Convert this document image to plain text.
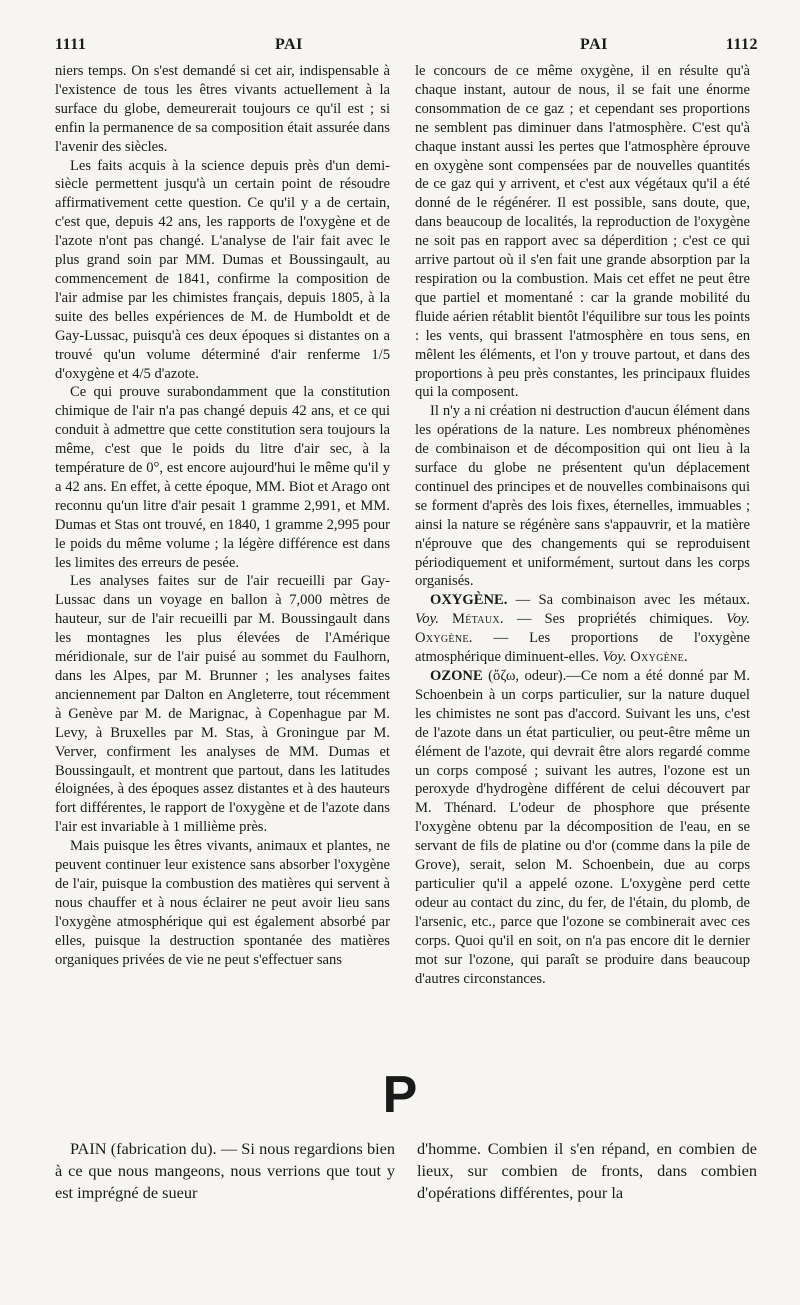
1111	PAI	PAI	1112

niers temps. On s'est demandé si cet air, indispensable à l'existence de tous les êtres vivants actuellement à la surface du globe, demeurerait toujours ce qu'il est ; si enfin la permanence de sa composition était assurée dans l'avenir des siècles.

Les faits acquis à la science depuis près d'un demi-siècle permettent jusqu'à un certain point de résoudre affirmativement cette question. Ce qu'il y a de certain, c'est que, depuis 42 ans, les rapports de l'oxygène et de l'azote n'ont pas changé. L'analyse de l'air fait avec le plus grand soin par MM. Dumas et Boussingault, au commencement de 1841, confirme la composition de l'air admise par les chimistes français, depuis 1805, à la suite des belles expériences de M. de Humboldt et de Gay-Lussac, puisqu'à ces deux époques si distantes on a trouvé qu'un volume déterminé d'air renferme 1/5 d'oxygène et 4/5 d'azote.

Ce qui prouve surabondamment que la constitution chimique de l'air n'a pas changé depuis 42 ans, et ce qui conduit à admettre que cette constitution sera toujours la même, c'est que le poids du litre d'air sec, à la température de 0°, est encore aujourd'hui le même qu'il y a 42 ans. En effet, à cette époque, MM. Biot et Arago ont reconnu qu'un litre d'air pesait 1 gramme 2,991, et MM. Dumas et Stas ont trouvé, en 1840, 1 gramme 2,995 pour le poids du même volume ; la légère différence est dans les limites des erreurs de pesée.

Les analyses faites sur de l'air recueilli par Gay-Lussac dans un voyage en ballon à 7,000 mètres de hauteur, sur de l'air recueilli par M. Boussingault dans les montagnes les plus élevées de l'Amérique méridionale, sur de l'air puisé au sommet du Faulhorn, dans les Alpes, par M. Brunner ; les analyses faites anciennement par Dalton en Angleterre, tout récemment à Genève par M. de Marignac, à Copenhague par M. Levy, à Bruxelles par M. Stas, à Groningue par M. Verver, confirment les analyses de MM. Dumas et Boussingault, et montrent que partout, dans les latitudes éloignées, à des époques assez distantes et à des hauteurs fort différentes, le rapport de l'oxygène et de l'azote dans l'air est invariable à 1 millième près.

Mais puisque les êtres vivants, animaux et plantes, ne peuvent continuer leur existence sans absorber l'oxygène de l'air, puisque la combustion des matières qui servent à nous chauffer et à nous éclairer ne peut avoir lieu sans l'oxygène atmosphérique qui est également absorbé par elles, puisque la destruction spontanée des matières organiques privées de vie ne peut s'effectuer sans

le concours de ce même oxygène, il en résulte qu'à chaque instant, autour de nous, il se fait une énorme consommation de ce gaz ; et cependant ses proportions ne semblent pas diminuer dans l'atmosphère. C'est qu'à chaque instant aussi les pertes que l'atmosphère éprouve en oxygène sont compensées par de nouvelles quantités de ce gaz qui y arrivent, et c'est aux végétaux qu'il a été donné de le régénérer. Il est possible, sans doute, que, dans beaucoup de localités, la reproduction de l'oxygène ne soit pas en rapport avec sa déperdition ; c'est ce qui arrive partout où il s'en fait une grande absorption par la respiration ou la combustion. Mais cet effet ne peut être que partiel et momentané : car la grande mobilité du fluide aérien rétablit bientôt l'équilibre sur tous les points : les vents, qui brassent l'atmosphère en tous sens, en mêlent les éléments, et l'on y trouve partout, et dans des proportions à peu près constantes, les principaux fluides qui la composent.

Il n'y a ni création ni destruction d'aucun élément dans les opérations de la nature. Les nombreux phénomènes de combinaison et de décomposition qui ont lieu à la surface du globe ne présentent qu'un déplacement continuel des principes et de nouvelles combinaisons qui se forment d'après des lois fixes, éternelles, immuables ; ainsi la nature se régénère sans s'appauvrir, et la matière n'éprouve que des changements qui se reproduisent périodiquement et uniformément, surtout dans les corps organisés.

OXYGÈNE. — Sa combinaison avec les métaux. Voy. Métaux. — Ses propriétés chimiques. Voy. Oxygène. — Les proportions de l'oxygène atmosphérique diminuent-elles. Voy. Oxygène.

OZONE (ὄζω, odeur).—Ce nom a été donné par M. Schoenbein à un corps particulier, sur la nature duquel les chimistes ne sont pas d'accord. Suivant les uns, c'est de l'azote dans un état particulier, ou peut-être même un élément de l'azote, qui devrait être alors regardé comme un corps composé ; suivant les autres, l'ozone est un peroxyde d'hydrogène différent de celui découvert par M. Thénard. L'odeur de phosphore que présente l'oxygène obtenu par la décomposition de l'eau, en se servant de fils de platine ou d'or (comme dans la pile de Grove), serait, selon M. Schoenbein, due au corps particulier qu'il a appelé ozone. L'oxygène perd cette odeur au contact du zinc, du fer, de l'étain, du plomb, de l'arsenic, etc., parce que l'ozone se combinerait avec ces corps. Quoi qu'il en soit, on n'a pas encore dit le dernier mot sur l'ozone, qui paraît se produire dans beaucoup d'autres circonstances.

P

PAIN (fabrication du). — Si nous regardions bien à ce que nous mangeons, nous verrions que tout y est imprégné de sueur

d'homme. Combien il s'en répand, en combien de lieux, sur combien de fronts, dans combien d'opérations différentes, pour la
